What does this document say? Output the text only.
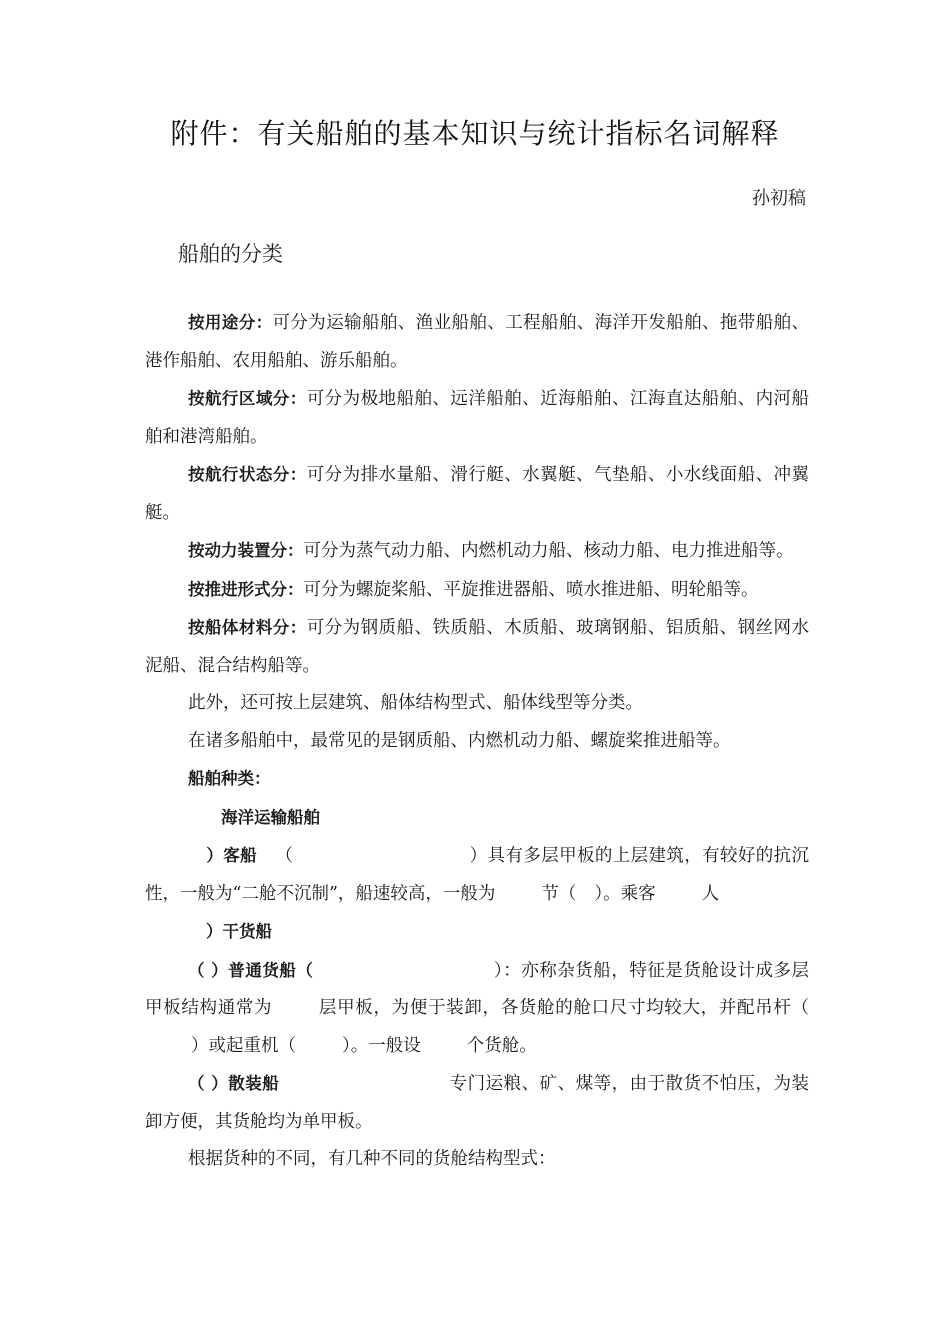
附件：有关船舶的基本知识与统计指标名词解释
孙初稿
船舶的分类

按用途分：可分为运输船舶、渔业船舶、工程船舶、海洋开发船舶、拖带船舶、港作船舶、农用船舶、游乐船舶。

按航行区域分：可分为极地船舶、远洋船舶、近海船舶、江海直达船舶、内河船舶和港湾船舶。

按航行状态分：可分为排水量船、滑行艇、水翼艇、气垫船、小水线面船、冲翼艇。

按动力装置分：可分为蒸气动力船、内燃机动力船、核动力船、电力推进船等。

按推进形式分：可分为螺旋桨船、平旋推进器船、喷水推进船、明轮船等。

按船体材料分：可分为钢质船、铁质船、木质船、玻璃钢船、铝质船、钢丝网水泥船、混合结构船等。

此外，还可按上层建筑、船体结构型式、船体线型等分类。

在诸多船舶中，最常见的是钢质船、内燃机动力船、螺旋桨推进船等。

船舶种类：

海洋运输船舶

）客船 （	）具有多层甲板的上层建筑，有较好的抗沉性，一般为“二舱不沉制”，船速较高，一般为	节（ ）。乘客	人

）干货船

（ ）普通货船（	）：亦称杂货船，特征是货舱设计成多层甲板结构通常为	层甲板，为便于装卸，各货舱的舱口尺寸均较大，并配吊杆（）或起重机（	）。一般设	个货舱。

（ ）散装船	专门运粮、矿、煤等，由于散货不怕压，为装卸方便，其货舱均为单甲板。

根据货种的不同，有几种不同的货舱结构型式：
